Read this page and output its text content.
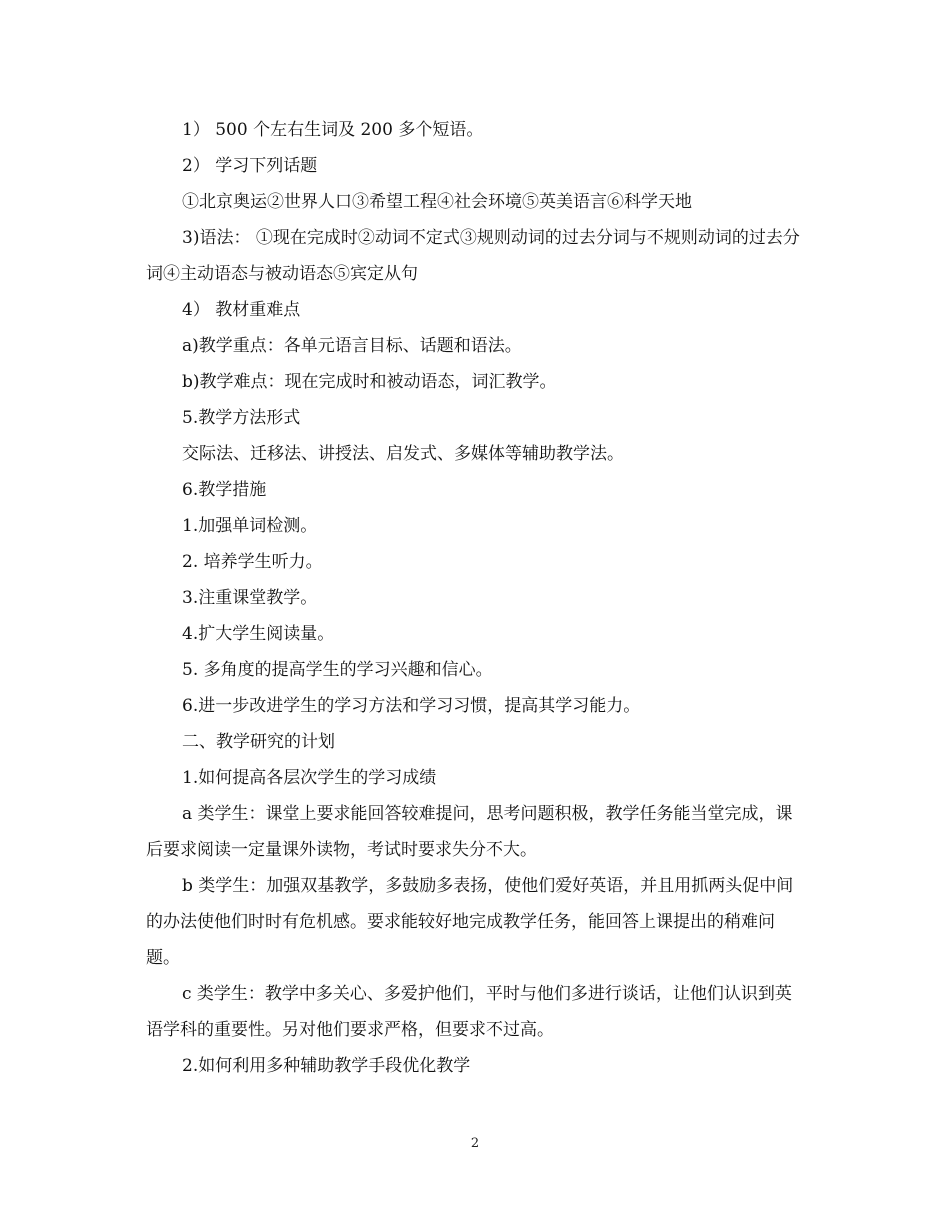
1） 500 个左右生词及 200 多个短语。

2） 学习下列话题

①北京奥运②世界人口③希望工程④社会环境⑤英美语言⑥科学天地

3)语法： ①现在完成时②动词不定式③规则动词的过去分词与不规则动词的过去分词④主动语态与被动语态⑤宾定从句

4） 教材重难点

a)教学重点：各单元语言目标、话题和语法。

b)教学难点：现在完成时和被动语态，词汇教学。

5.教学方法形式

交际法、迁移法、讲授法、启发式、多媒体等辅助教学法。

6.教学措施

1.加强单词检测。

2. 培养学生听力。

3.注重课堂教学。

4.扩大学生阅读量。

5. 多角度的提高学生的学习兴趣和信心。

6.进一步改进学生的学习方法和学习习惯，提高其学习能力。

二、教学研究的计划

1.如何提高各层次学生的学习成绩

a 类学生：课堂上要求能回答较难提问，思考问题积极，教学任务能当堂完成，课后要求阅读一定量课外读物，考试时要求失分不大。

b 类学生：加强双基教学，多鼓励多表扬，使他们爱好英语，并且用抓两头促中间的办法使他们时时有危机感。要求能较好地完成教学任务，能回答上课提出的稍难问题。

c 类学生：教学中多关心、多爱护他们，平时与他们多进行谈话，让他们认识到英语学科的重要性。另对他们要求严格，但要求不过高。

2.如何利用多种辅助教学手段优化教学

2
